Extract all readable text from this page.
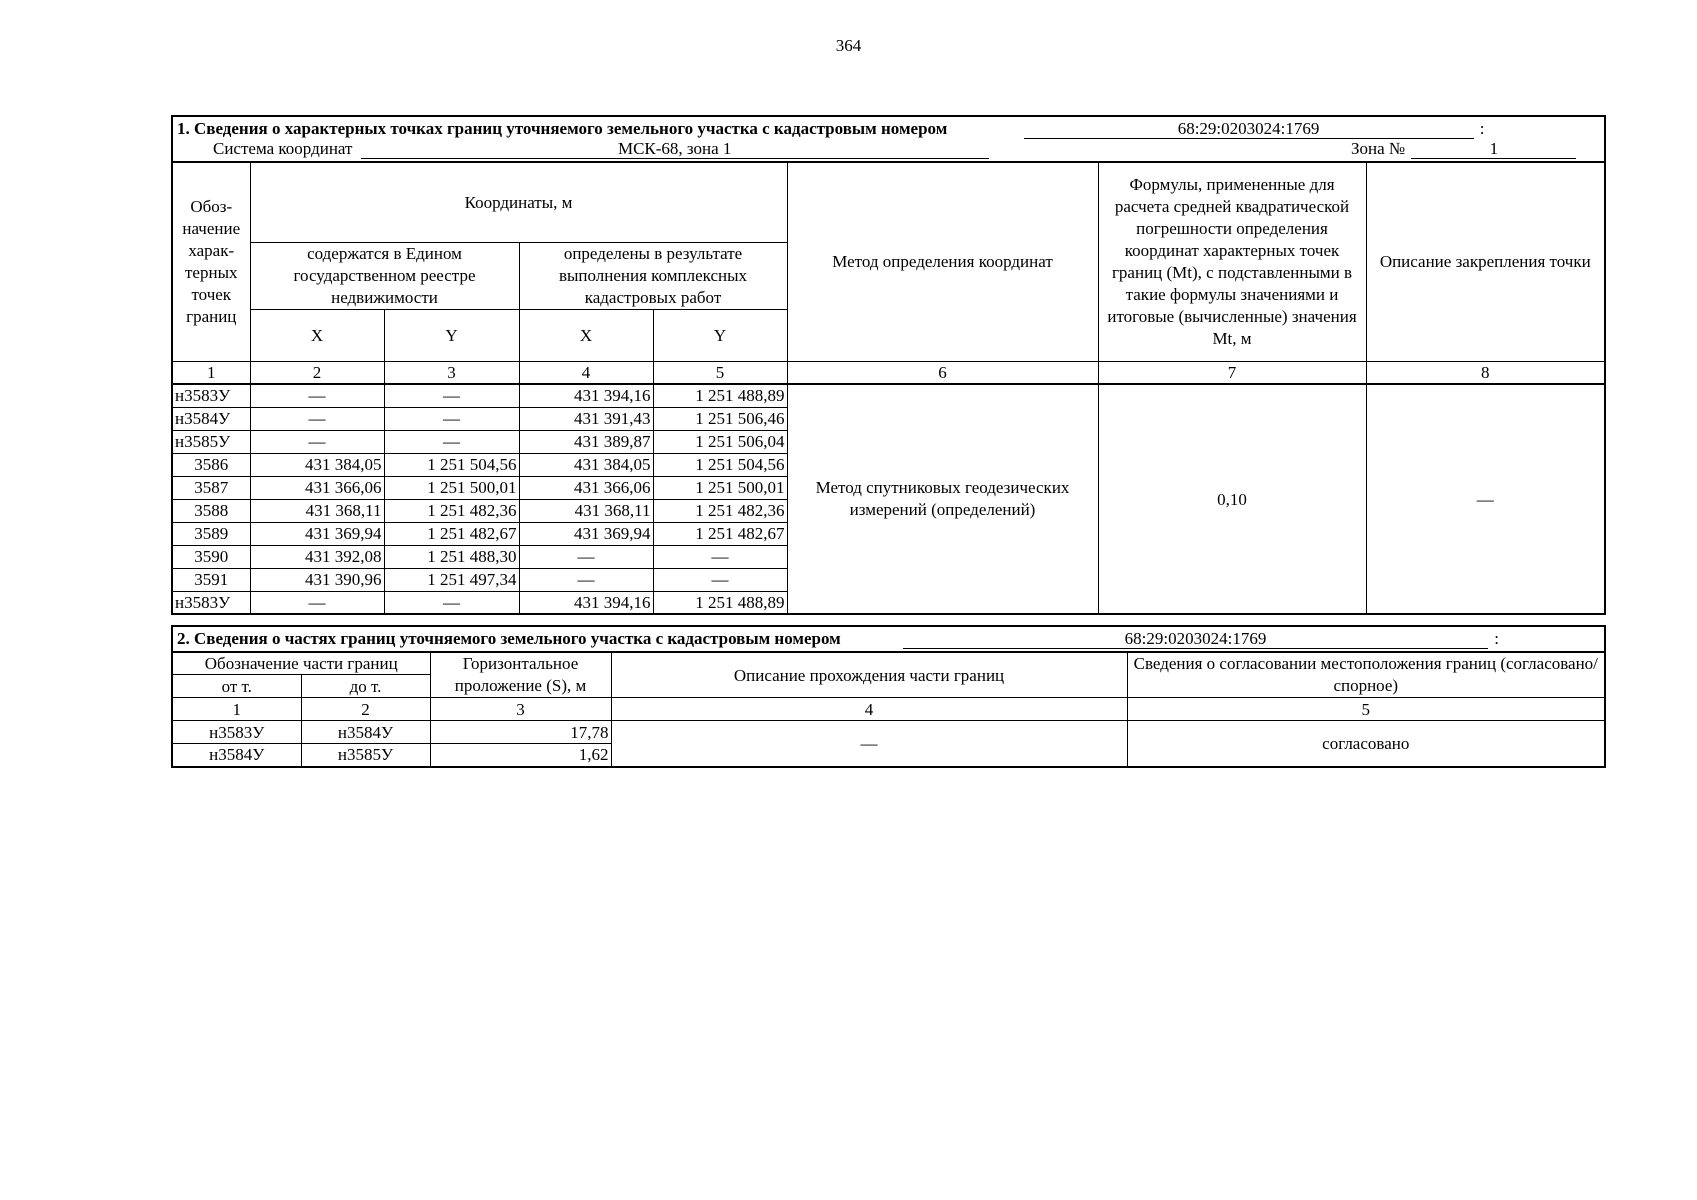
364
1. Сведения о характерных точках границ уточняемого земельного участка с кадастровым номером 68:29:0203024:1769 :							
Система координат МСК-68, зона 1 Зона № 1							
Обоз-начение харак-терных точек границ	Координаты, м				Метод определения координат	Формулы, примененные для расчета средней квадратической погрешности определения координат характерных точек границ (Mt), с подставленными в такие формулы значениями и итоговые (вычисленные) значения Mt, м	Описание закрепления точки
	содержатся в Едином государственном реестре недвижимости		определены в результате выполнения комплексных кадастровых работ				
	X	Y	X	Y			
1	2	3	4	5	6	7	8
н3583У	—	—	431 394,16	1 251 488,89	Метод спутниковых геодезических измерений (определений)	0,10	—
н3584У	—	—	431 391,43	1 251 506,46			
н3585У	—	—	431 389,87	1 251 506,04			
3586	431 384,05	1 251 504,56	431 384,05	1 251 504,56			
3587	431 366,06	1 251 500,01	431 366,06	1 251 500,01			
3588	431 368,11	1 251 482,36	431 368,11	1 251 482,36			
3589	431 369,94	1 251 482,67	431 369,94	1 251 482,67			
3590	431 392,08	1 251 488,30	—	—			
3591	431 390,96	1 251 497,34	—	—			
н3583У	—	—	431 394,16	1 251 488,89			
2. Сведения о частях границ уточняемого земельного участка с кадастровым номером 68:29:0203024:1769 :				
Обозначение части границ		Горизонтальное проложение (S), м	Описание прохождения части границ	Сведения о согласовании местоположения границ (согласовано/спорное)
от т.	до т.			
1	2	3	4	5
н3583У	н3584У	17,78	—	согласовано
н3584У	н3585У	1,62		
